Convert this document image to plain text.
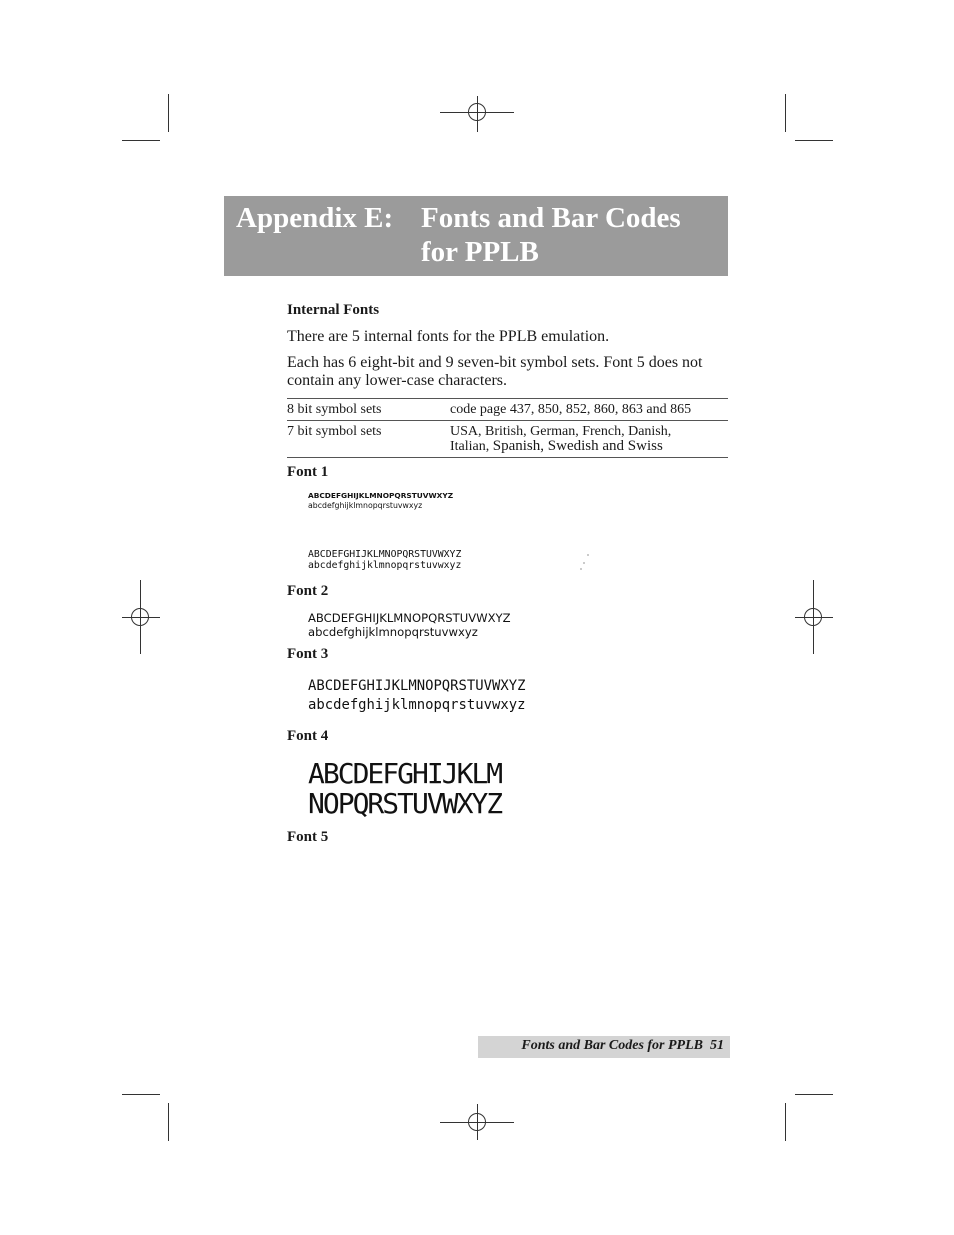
Appendix E: Fonts and Bar Codes
for PPLB

Internal Fonts

There are 5 internal fonts for the PPLB emulation.

Each has 6 eight-bit and 9 seven-bit symbol sets. Font 5 does not contain any lower-case characters.

8 bit symbol sets	code page 437, 850, 852, 860, 863 and 865
7 bit symbol sets	USA, British, German, French, Danish,
Italian, Spanish, Swedish and Swiss
Font 1
ABCDEFGHIJKLMNOPQRSTUVWXYZ
abcdefghijklmnopqrstuvwxyz
ABCDEFGHIJKLMNOPQRSTUVWXYZ
abcdefghijklmnopqrstuvwxyz
Font 2
ABCDEFGHIJKLMNOPQRSTUVWXYZ
abcdefghijklmnopqrstuvwxyz
Font 3
ABCDEFGHIJKLMNOPQRSTUVWXYZ
abcdefghijklmnopqrstuvwxyz
Font 4
ABCDEFGHIJKLM
NOPQRSTUVWXYZ
Font 5
Fonts and Bar Codes for PPLB 51
